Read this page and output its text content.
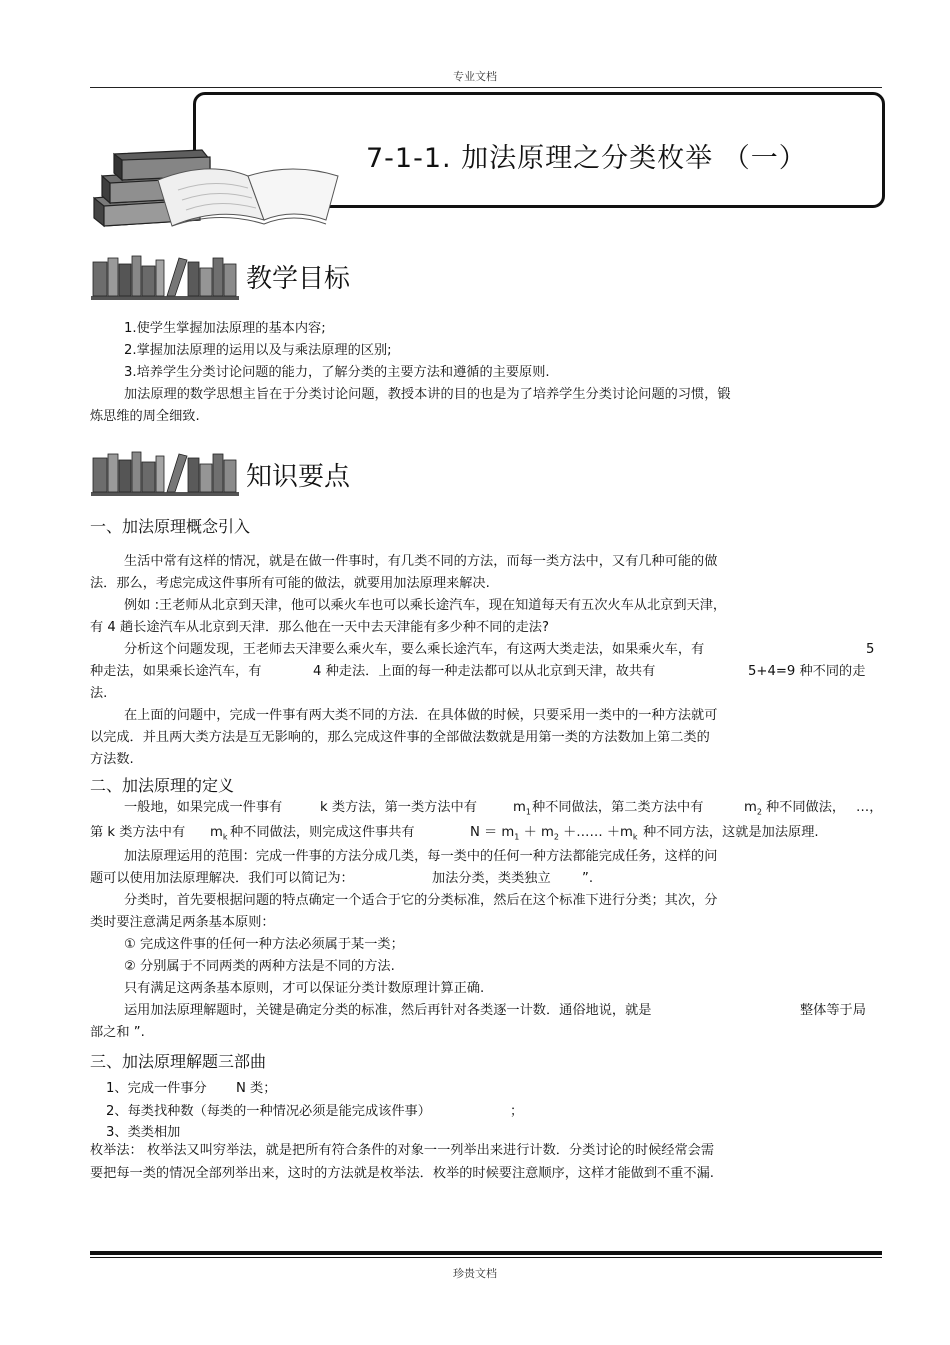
专业文档
7-1-1. 加法原理之分类枚举 （一）
教学目标
1.使学生掌握加法原理的基本内容;
2.掌握加法原理的运用以及与乘法原理的区别;
3.培养学生分类讨论问题的能力，了解分类的主要方法和遵循的主要原则.
加法原理的数学思想主旨在于分类讨论问题，教授本讲的目的也是为了培养学生分类讨论问题的习惯，锻
炼思维的周全细致.
知识要点
一、加法原理概念引入
生活中常有这样的情况，就是在做一件事时，有几类不同的方法，而每一类方法中，又有几种可能的做
法．那么，考虑完成这件事所有可能的做法，就要用加法原理来解决.
例如 :王老师从北京到天津，他可以乘火车也可以乘长途汽车，现在知道每天有五次火车从北京到天津，
有 4 趟长途汽车从北京到天津．那么他在一天中去天津能有多少种不同的走法?
分析这个问题发现，王老师去天津要么乘火车，要么乘长途汽车，有这两大类走法，如果乘火车，有	5
种走法，如果乘长途汽车，有	4 种走法．上面的每一种走法都可以从北京到天津，故共有	5+4=9 种不同的走
法.
在上面的问题中，完成一件事有两大类不同的方法．在具体做的时候，只要采用一类中的一种方法就可
以完成．并且两大类方法是互无影响的，那么完成这件事的全部做法数就是用第一类的方法数加上第二类的
方法数.
二、加法原理的定义
一般地，如果完成一件事有	k 类方法，第一类方法中有	$m_1$ 种不同做法，第二类方法中有	$m_2$ 种不同做法， …，
第 k 类方法中有 $m_k$ 种不同做法，则完成这件事共有	$N = m_1 + m_2$ ＋…… $+m_k$ 种不同方法，这就是加法原理.
加法原理运用的范围：完成一件事的方法分成几类，每一类中的任何一种方法都能完成任务，这样的问
题可以使用加法原理解决．我们可以简记为：	加法分类，类类独立 ”.
分类时，首先要根据问题的特点确定一个适合于它的分类标准，然后在这个标准下进行分类；其次，分
类时要注意满足两条基本原则：
① 完成这件事的任何一种方法必须属于某一类；
② 分别属于不同两类的两种方法是不同的方法.
只有满足这两条基本原则，才可以保证分类计数原理计算正确.
运用加法原理解题时，关键是确定分类的标准，然后再针对各类逐一计数．通俗地说，就是	整体等于局
部之和 ”.
三、加法原理解题三部曲
1、完成一件事分 N 类；
2、每类找种数（每类的一种情况必须是能完成该件事）	；
3、类类相加
枚举法： 枚举法又叫穷举法，就是把所有符合条件的对象一一列举出来进行计数．分类讨论的时候经常会需
要把每一类的情况全部列举出来，这时的方法就是枚举法．枚举的时候要注意顺序，这样才能做到不重不漏.
珍贵文档
